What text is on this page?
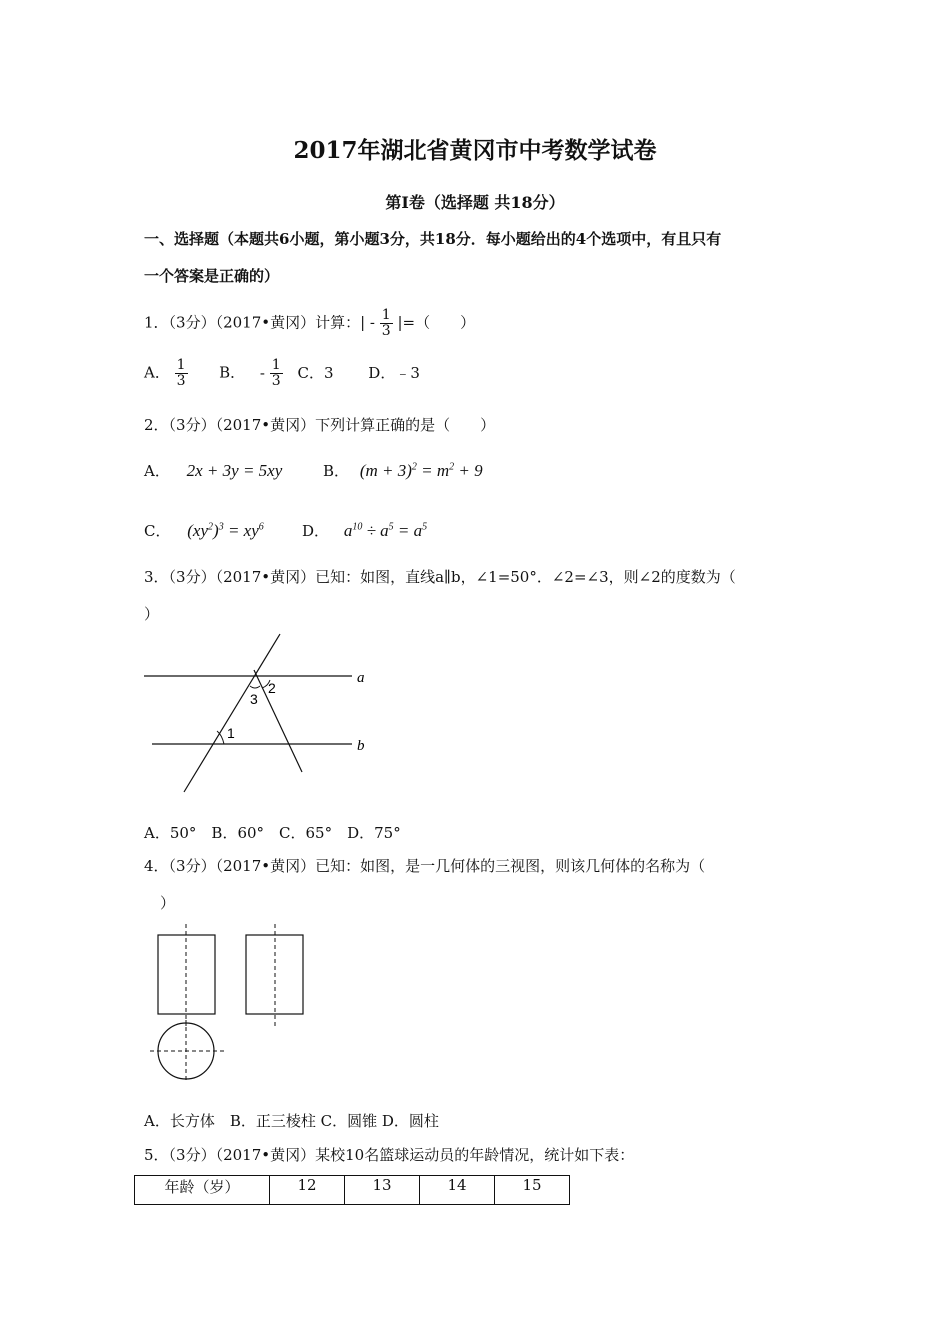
2017年湖北省黄冈市中考数学试卷
第Ⅰ卷（选择题 共18分）
一、选择题（本题共6小题，第小题3分，共18分．每小题给出的4个选项中，有且只有
一个答案是正确的）
1．（3分）（2017•黄冈）计算：| - $\frac{1}{3}$ |=（　　）
A． $\frac{1}{3}$ B． - $\frac{1}{3}$ C．3 D．﹣3
2．（3分）（2017•黄冈）下列计算正确的是（　　）
A． 2x + 3y = 5xy	B． $(m + 3)^2 = m^2 + 9$
C． $(xy^2)^3 = xy^6$	D． $a^{10} \div a^5 = a^5$
3．（3分）（2017•黄冈）已知：如图，直线a∥b，∠1=50°．∠2=∠3，则∠2的度数为（
）
a
b
1
2
3
A．50°　B．60°　C．65°　D．75°
4．（3分）（2017•黄冈）已知：如图，是一几何体的三视图，则该几何体的名称为（
）
A．长方体　B．正三棱柱 C．圆锥 D．圆柱
5．（3分）（2017•黄冈）某校10名篮球运动员的年龄情况，统计如下表：
年龄（岁）	12	13	14	15
